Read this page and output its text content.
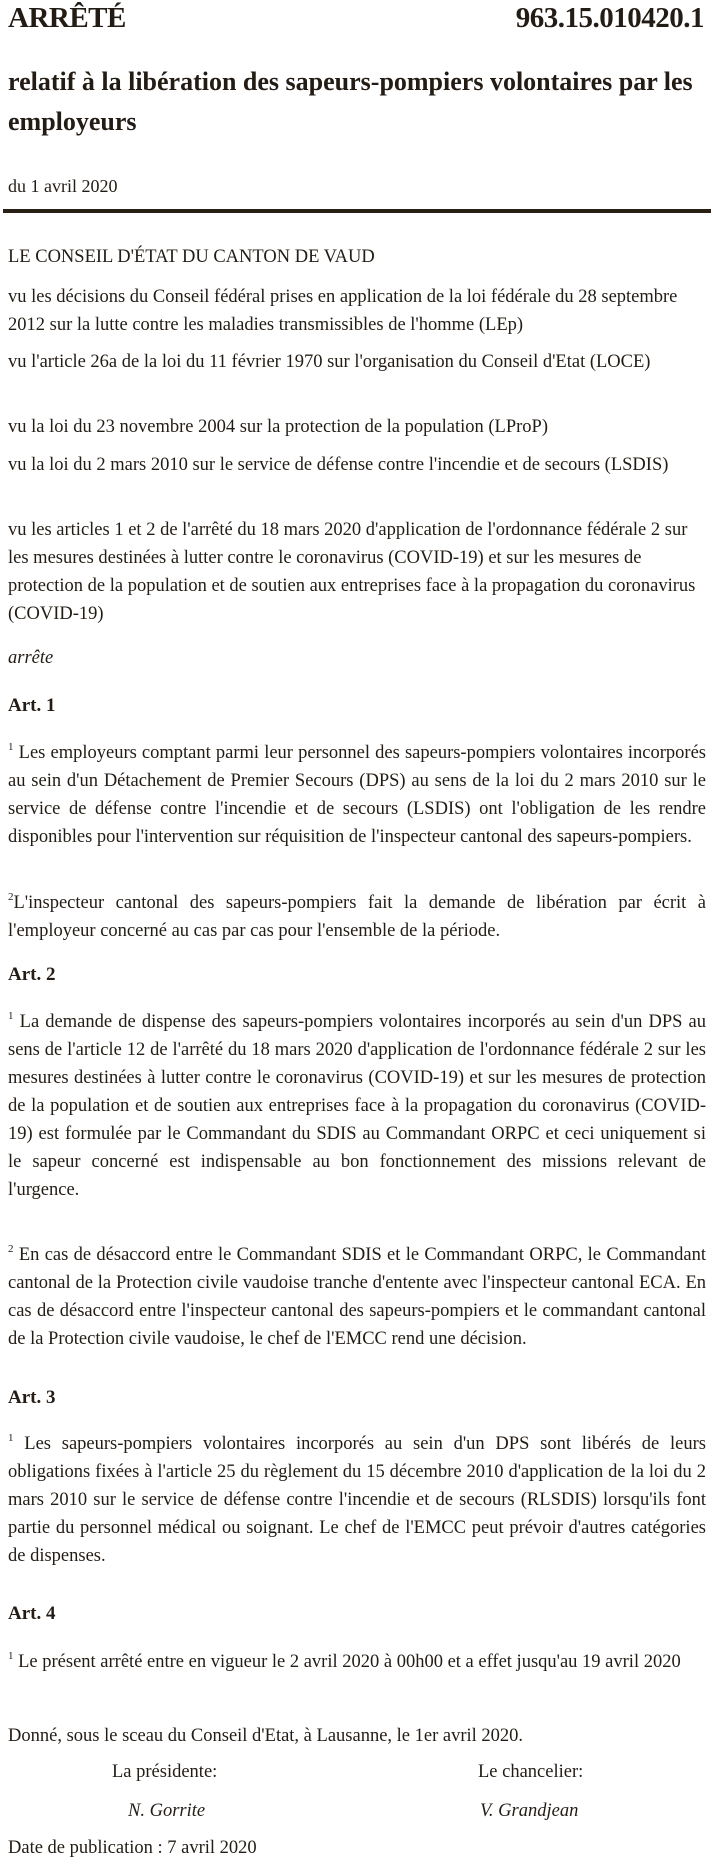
ARRÊTÉ	963.15.010420.1
relatif à la libération des sapeurs-pompiers volontaires par les employeurs
du 1 avril 2020

LE CONSEIL D'ÉTAT DU CANTON DE VAUD

vu les décisions du Conseil fédéral prises en application de la loi fédérale du 28 septembre 2012 sur la lutte contre les maladies transmissibles de l'homme (LEp)

vu l'article 26a de la loi du 11 février 1970 sur l'organisation du Conseil d'Etat (LOCE)

vu la loi du 23 novembre 2004 sur la protection de la population (LProP)

vu la loi du 2 mars 2010 sur le service de défense contre l'incendie et de secours (LSDIS)

vu les articles 1 et 2 de l'arrêté du 18 mars 2020 d'application de l'ordonnance fédérale 2 sur les mesures destinées à lutter contre le coronavirus (COVID-19) et sur les mesures de protection de la population et de soutien aux entreprises face à la propagation du coronavirus (COVID-19)

arrête

Art. 1

$^1$ Les employeurs comptant parmi leur personnel des sapeurs-pompiers volontaires incorporés au sein d'un Détachement de Premier Secours (DPS) au sens de la loi du 2 mars 2010 sur le service de défense contre l'incendie et de secours (LSDIS) ont l'obligation de les rendre disponibles pour l'intervention sur réquisition de l'inspecteur cantonal des sapeurs-pompiers.

$^2$L'inspecteur cantonal des sapeurs-pompiers fait la demande de libération par écrit à l'employeur concerné au cas par cas pour l'ensemble de la période.

Art. 2

$^1$ La demande de dispense des sapeurs-pompiers volontaires incorporés au sein d'un DPS au sens de l'article 12 de l'arrêté du 18 mars 2020 d'application de l'ordonnance fédérale 2 sur les mesures destinées à lutter contre le coronavirus (COVID-19) et sur les mesures de protection de la population et de soutien aux entreprises face à la propagation du coronavirus (COVID-19) est formulée par le Commandant du SDIS au Commandant ORPC et ceci uniquement si le sapeur concerné est indispensable au bon fonctionnement des missions relevant de l'urgence.

$^2$ En cas de désaccord entre le Commandant SDIS et le Commandant ORPC, le Commandant cantonal de la Protection civile vaudoise tranche d'entente avec l'inspecteur cantonal ECA. En cas de désaccord entre l'inspecteur cantonal des sapeurs-pompiers et le commandant cantonal de la Protection civile vaudoise, le chef de l'EMCC rend une décision.

Art. 3

$^1$ Les sapeurs-pompiers volontaires incorporés au sein d'un DPS sont libérés de leurs obligations fixées à l'article 25 du règlement du 15 décembre 2010 d'application de la loi du 2 mars 2010 sur le service de défense contre l'incendie et de secours (RLSDIS) lorsqu'ils font partie du personnel médical ou soignant. Le chef de l'EMCC peut prévoir d'autres catégories de dispenses.

Art. 4

$^1$ Le présent arrêté entre en vigueur le 2 avril 2020 à 00h00 et a effet jusqu'au 19 avril 2020

Donné, sous le sceau du Conseil d'Etat, à Lausanne, le 1er avril 2020.

La présidente:
N. Gorrite
Le chancelier:
V. Grandjean

Date de publication : 7 avril 2020
